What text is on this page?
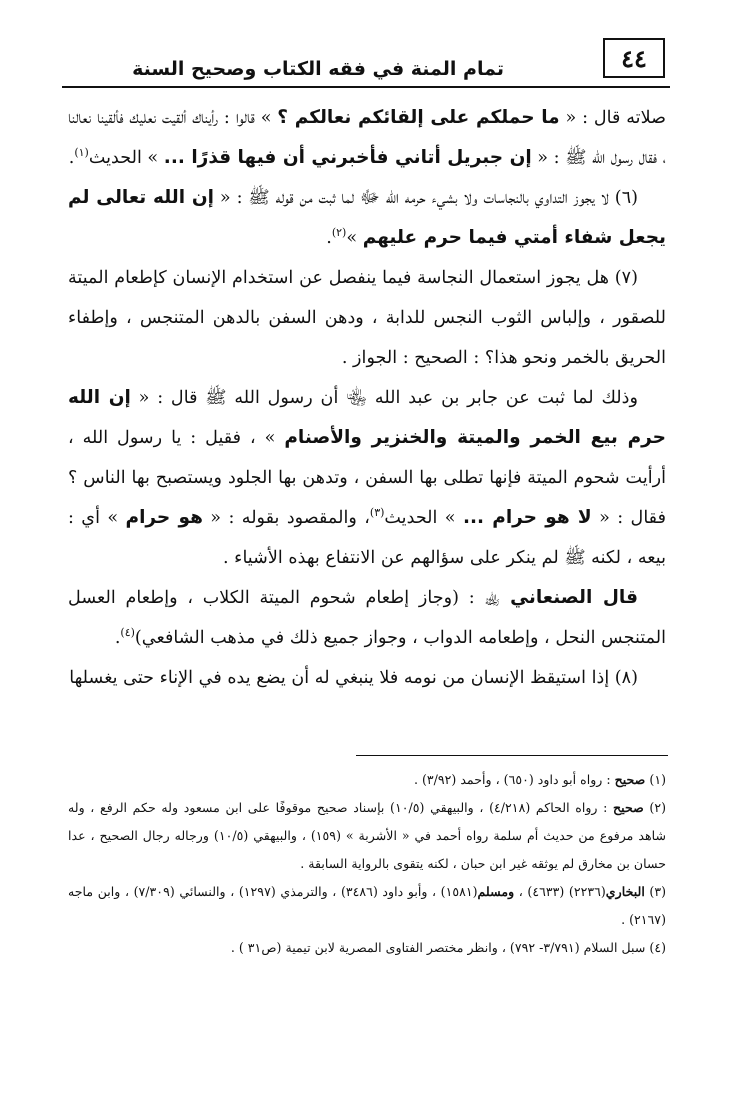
٤٤
تمام المنة في فقه الكتاب وصحيح السنة

صلاته قال : « ما حملكم على إلقائكم نعالكم ؟ » قالوا : رأيناك ألقيت نعليك فألقينا نعالنا ، فقال رسول الله ﷺ : « إن جبريل أتاني فأخبرني أن فيها قذرًا ... » الحديث$^{(١)}$.

(٦) لا يجوز التداوي بالنجاسات ولا بشيء حرمه الله ﷻ لما ثبت من قوله ﷺ : « إن الله تعالى لم يجعل شفاء أمتي فيما حرم عليهم »$^{(٢)}$.

(٧) هل يجوز استعمال النجاسة فيما ينفصل عن استخدام الإنسان كإطعام الميتة للصقور ، وإلباس الثوب النجس للدابة ، ودهن السفن بالدهن المتنجس ، وإطفاء الحريق بالخمر ونحو هذا؟ : الصحيح : الجواز .

وذلك لما ثبت عن جابر بن عبد الله ﵄ أن رسول الله ﷺ قال : « إن الله حرم بيع الخمر والميتة والخنزير والأصنام » ، فقيل : يا رسول الله ، أرأيت شحوم الميتة فإنها تطلى بها السفن ، وتدهن بها الجلود ويستصبح بها الناس ؟ فقال : « لا هو حرام ... » الحديث$^{(٣)}$، والمقصود بقوله : « هو حرام » أي : بيعه ، لكنه ﷺ لم ينكر على سؤالهم عن الانتفاع بهذه الأشياء .

قال الصنعاني ﵀ : (وجاز إطعام شحوم الميتة الكلاب ، وإطعام العسل المتنجس النحل ، وإطعامه الدواب ، وجواز جميع ذلك في مذهب الشافعي)$^{(٤)}$.

(٨) إذا استيقظ الإنسان من نومه فلا ينبغي له أن يضع يده في الإناء حتى يغسلها

(١) صحيح : رواه أبو داود (٦٥٠) ، وأحمد (٣/٩٢) .

(٢) صحيح : رواه الحاكم (٤/٢١٨) ، والبيهقي (١٠/٥) بإسناد صحيح موقوفًا على ابن مسعود وله حكم الرفع ، وله شاهد مرفوع من حديث أم سلمة رواه أحمد في « الأشربة » (١٥٩) ، والبيهقي (١٠/٥) ورجاله رجال الصحيح ، عدا حسان بن مخارق لم يوثقه غير ابن حبان ، لكنه يتقوى بالرواية السابقة .

(٣) البخاري(٢٢٣٦) (٤٦٣٣) ، ومسلم(١٥٨١) ، وأبو داود (٣٤٨٦) ، والترمذي (١٢٩٧) ، والنسائي (٧/٣٠٩) ، وابن ماجه (٢١٦٧) .

(٤) سبل السلام (٣/٧٩١- ٧٩٢) ، وانظر مختصر الفتاوى المصرية لابن تيمية (ص٣١ ) .
